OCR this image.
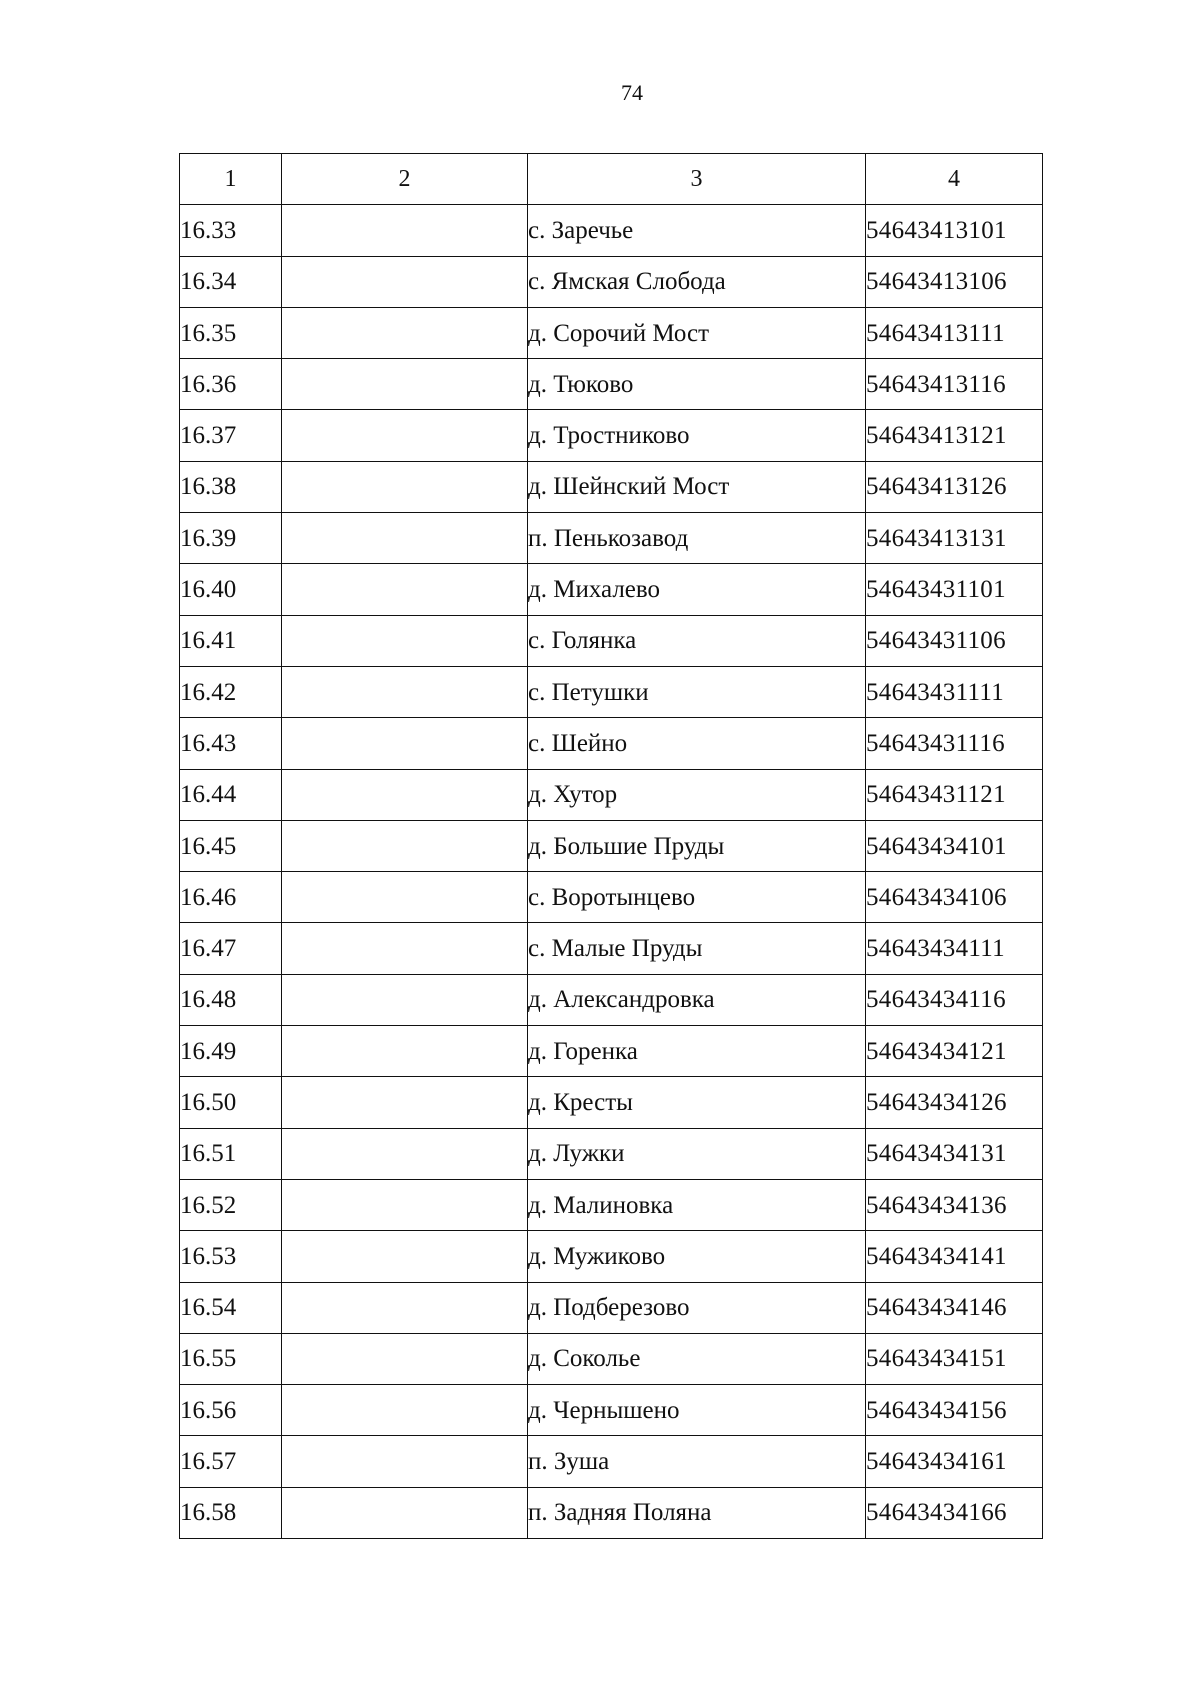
74
1	2	3	4
16.33		с. Заречье	54643413101
16.34		с. Ямская Слобода	54643413106
16.35		д. Сорочий Мост	54643413111
16.36		д. Тюково	54643413116
16.37		д. Тростниково	54643413121
16.38		д. Шейнский Мост	54643413126
16.39		п. Пенькозавод	54643413131
16.40		д. Михалево	54643431101
16.41		с. Голянка	54643431106
16.42		с. Петушки	54643431111
16.43		с. Шейно	54643431116
16.44		д. Хутор	54643431121
16.45		д. Большие Пруды	54643434101
16.46		с. Воротынцево	54643434106
16.47		с. Малые Пруды	54643434111
16.48		д. Александровка	54643434116
16.49		д. Горенка	54643434121
16.50		д. Кресты	54643434126
16.51		д. Лужки	54643434131
16.52		д. Малиновка	54643434136
16.53		д. Мужиково	54643434141
16.54		д. Подберезово	54643434146
16.55		д. Соколье	54643434151
16.56		д. Чернышено	54643434156
16.57		п. Зуша	54643434161
16.58		п. Задняя Поляна	54643434166
